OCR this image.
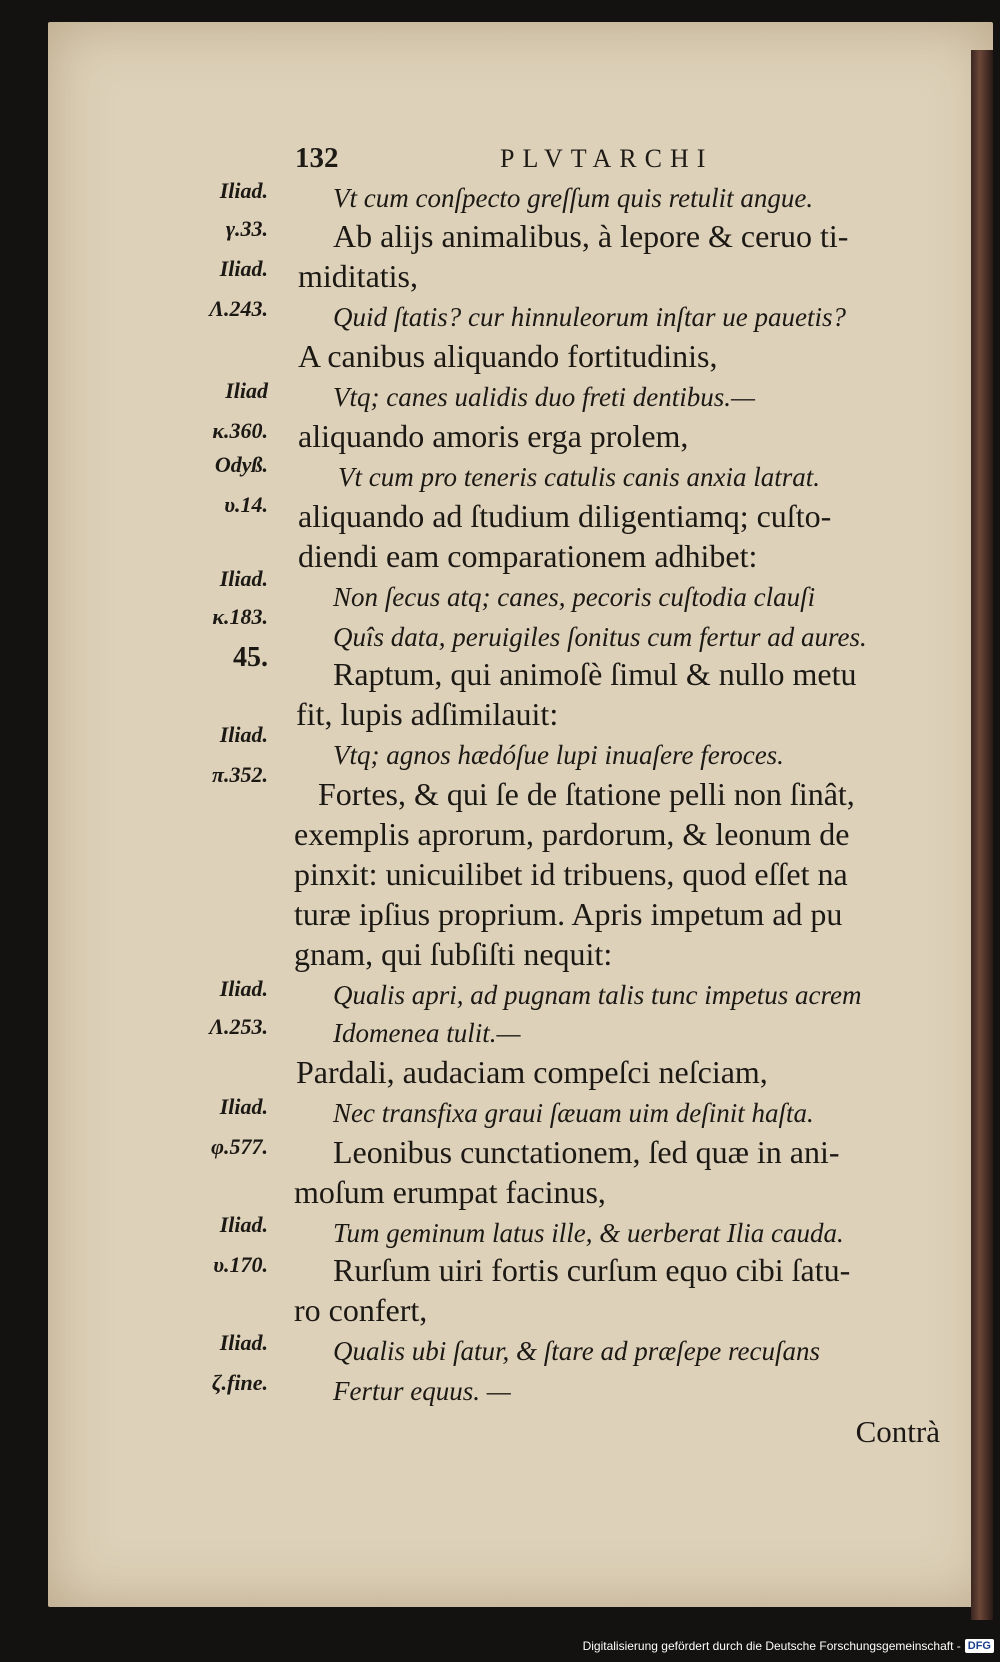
132	PLVTARCHI
Iliad.
γ.33.
Iliad.
Λ.243.
Iliad
κ.360.
Odyß.
υ.14.
Iliad.
κ.183.
45.
Iliad.
π.352.
Iliad.
Λ.253.
Iliad.
φ.577.
Iliad.
υ.170.
Iliad.
ζ.fine.
Vt cum conſpecto greſſum quis retulit angue.
Ab alijs animalibus, à lepore & ceruo ti-
miditatis,
Quid ſtatis? cur hinnuleorum inſtar ue pauetis?
A canibus aliquando fortitudinis,
Vtq; canes ualidis duo freti dentibus.—
aliquando amoris erga prolem,
Vt cum pro teneris catulis canis anxia latrat.
aliquando ad ſtudium diligentiamq; cuſto-
diendi eam comparationem adhibet:
Non ſecus atq; canes, pecoris cuſtodia clauſi
Quîs data, peruigiles ſonitus cum fertur ad aures.
Raptum, qui animoſè ſimul & nullo metu
fit, lupis adſimilauit:
Vtq; agnos hædóſue lupi inuaſere feroces.
Fortes, & qui ſe de ſtatione pelli non ſinât,
exemplis aprorum, pardorum, & leonum de
pinxit: unicuilibet id tribuens, quod eſſet na
turæ ipſius proprium. Apris impetum ad pu
gnam, qui ſubſiſti nequit:
Qualis apri, ad pugnam talis tunc impetus acrem
Idomenea tulit.—
Pardali, audaciam compeſci neſciam,
Nec transfixa graui ſæuam uim deſinit haſta.
Leonibus cunctationem, ſed quæ in ani-
moſum erumpat facinus,
Tum geminum latus ille, & uerberat Ilia cauda.
Rurſum uiri fortis curſum equo cibi ſatu-
ro confert,
Qualis ubi ſatur, & ſtare ad præſepe recuſans
Fertur equus. —
Contrà
Digitalisierung gefördert durch die Deutsche Forschungsgemeinschaft - DFG
